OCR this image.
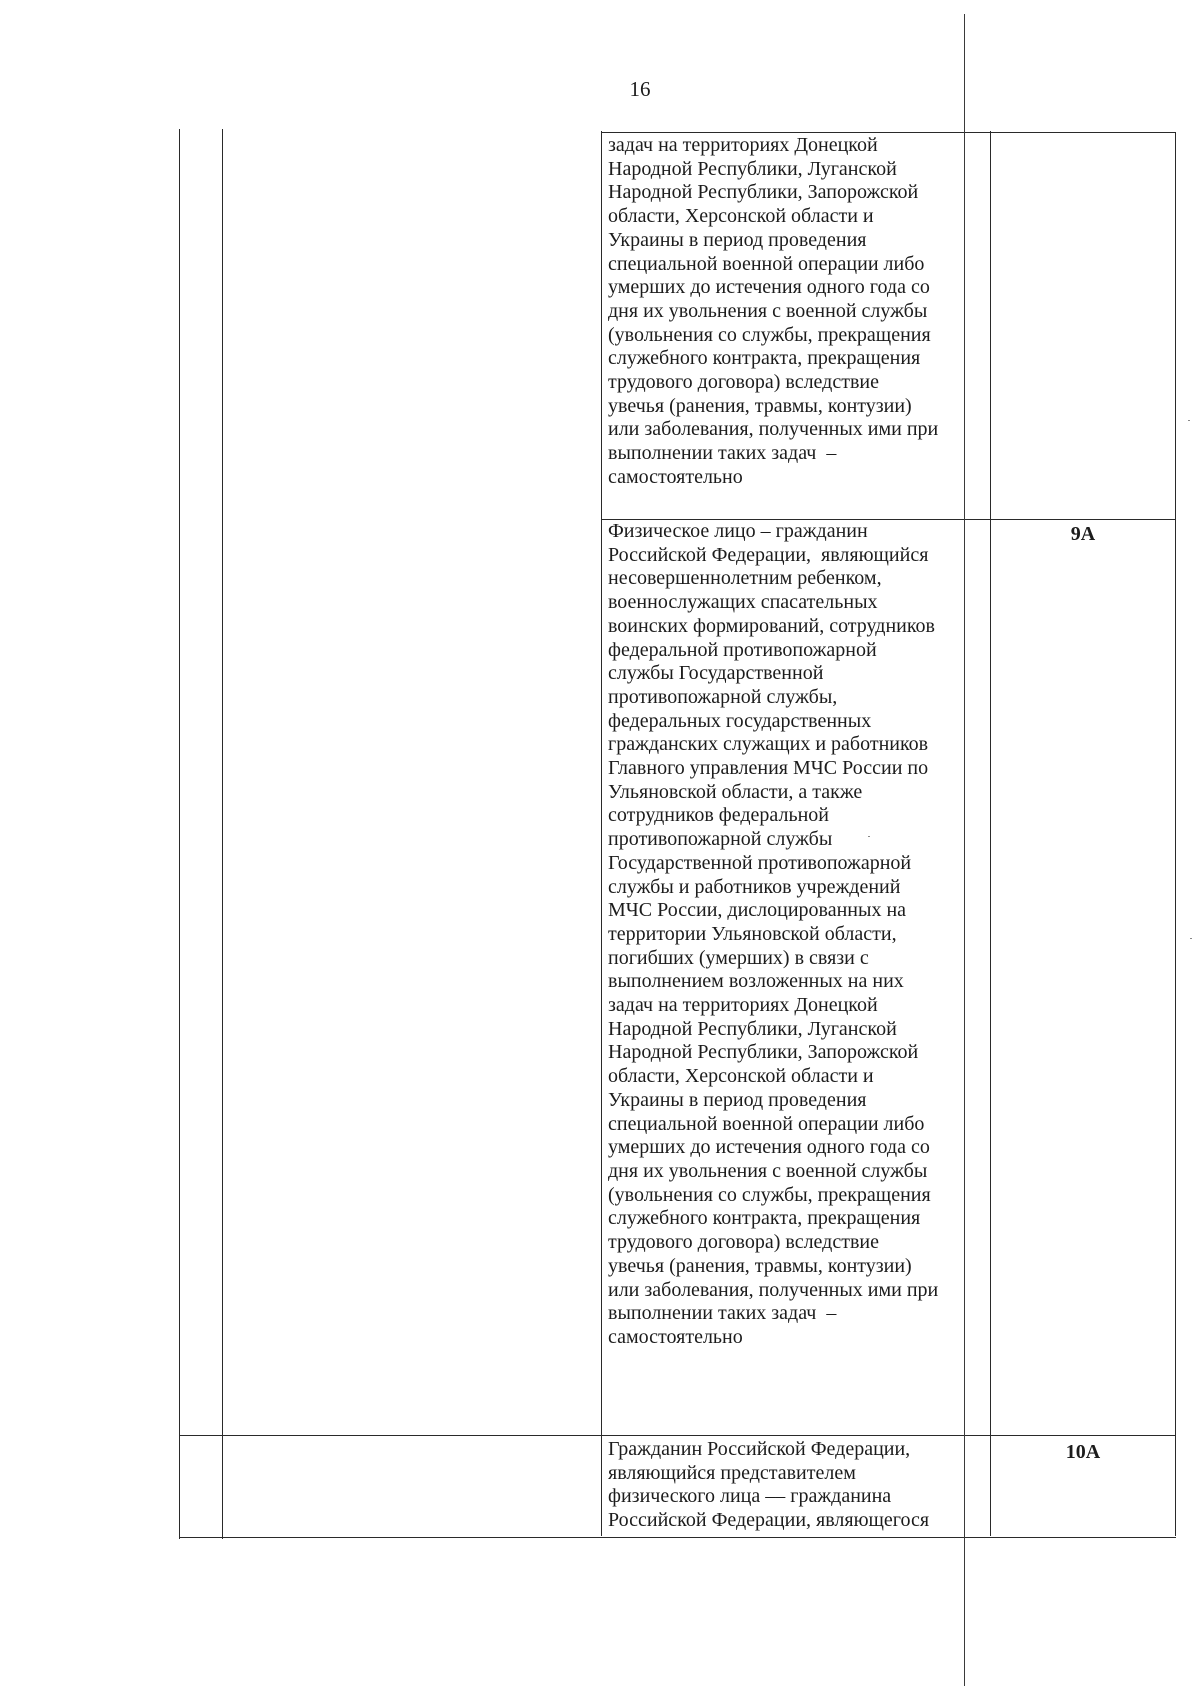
16
задач на территориях Донецкой
Народной Республики, Луганской
Народной Республики, Запорожской
области, Херсонской области и
Украины в период проведения
специальной военной операции либо
умерших до истечения одного года со
дня их увольнения с военной службы
(увольнения со службы, прекращения
служебного контракта, прекращения
трудового договора) вследствие
увечья (ранения, травмы, контузии)
или заболевания, полученных ими при
выполнении таких задач  –
самостоятельно
Физическое лицо – гражданин
Российской Федерации,  являющийся
несовершеннолетним ребенком,
военнослужащих спасательных
воинских формирований, сотрудников
федеральной противопожарной
службы Государственной
противопожарной службы,
федеральных государственных
гражданских служащих и работников
Главного управления МЧС России по
Ульяновской области, а также
сотрудников федеральной
противопожарной службы
Государственной противопожарной
службы и работников учреждений
МЧС России, дислоцированных на
территории Ульяновской области,
погибших (умерших) в связи с
выполнением возложенных на них
задач на территориях Донецкой
Народной Республики, Луганской
Народной Республики, Запорожской
области, Херсонской области и
Украины в период проведения
специальной военной операции либо
умерших до истечения одного года со
дня их увольнения с военной службы
(увольнения со службы, прекращения
служебного контракта, прекращения
трудового договора) вследствие
увечья (ранения, травмы, контузии)
или заболевания, полученных ими при
выполнении таких задач  –
самостоятельно
9А
Гражданин Российской Федерации,
являющийся представителем
физического лица –– гражданина
Российской Федерации, являющегося
10А
